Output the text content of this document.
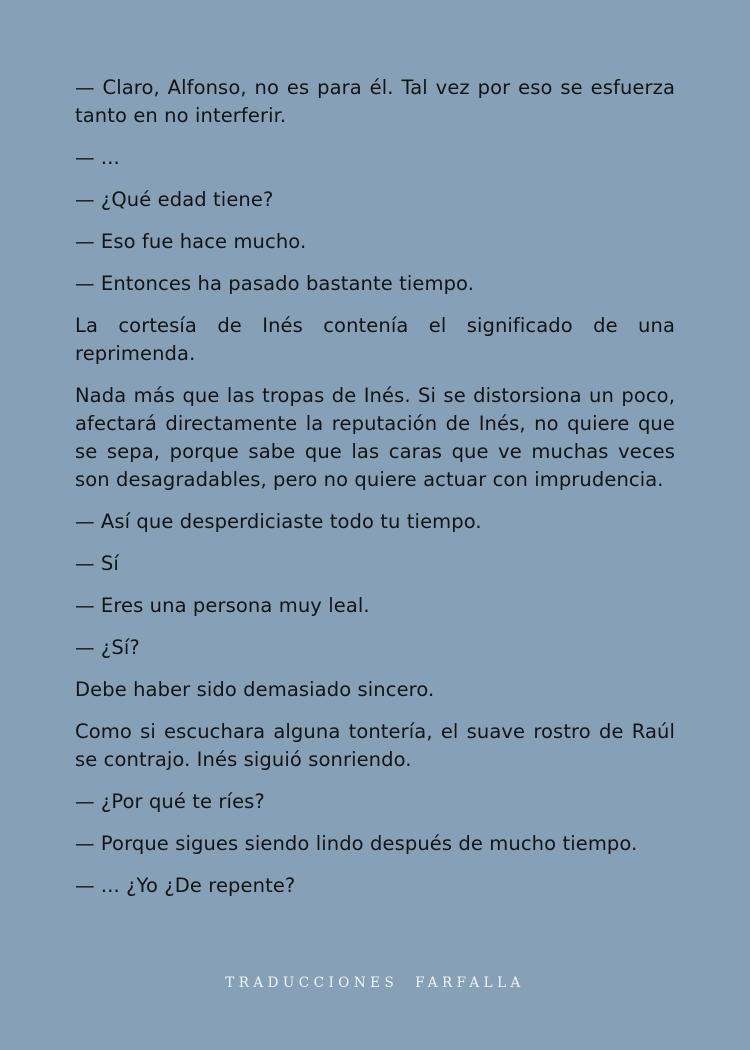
— Claro, Alfonso, no es para él. Tal vez por eso se esfuerza tanto en no interferir.

— ...

— ¿Qué edad tiene?

— Eso fue hace mucho.

— Entonces ha pasado bastante tiempo.

La cortesía de Inés contenía el significado de una reprimenda.

Nada más que las tropas de Inés. Si se distorsiona un poco, afectará directamente la reputación de Inés, no quiere que se sepa, porque sabe que las caras que ve muchas veces son desagradables, pero no quiere actuar con imprudencia.

— Así que desperdiciaste todo tu tiempo.

— Sí

— Eres una persona muy leal.

— ¿Sí?

Debe haber sido demasiado sincero.

Como si escuchara alguna tontería, el suave rostro de Raúl se contrajo. Inés siguió sonriendo.

— ¿Por qué te ríes?

— Porque sigues siendo lindo después de mucho tiempo.

— ... ¿Yo ¿De repente?

TRADUCCIONES FARFALLA
